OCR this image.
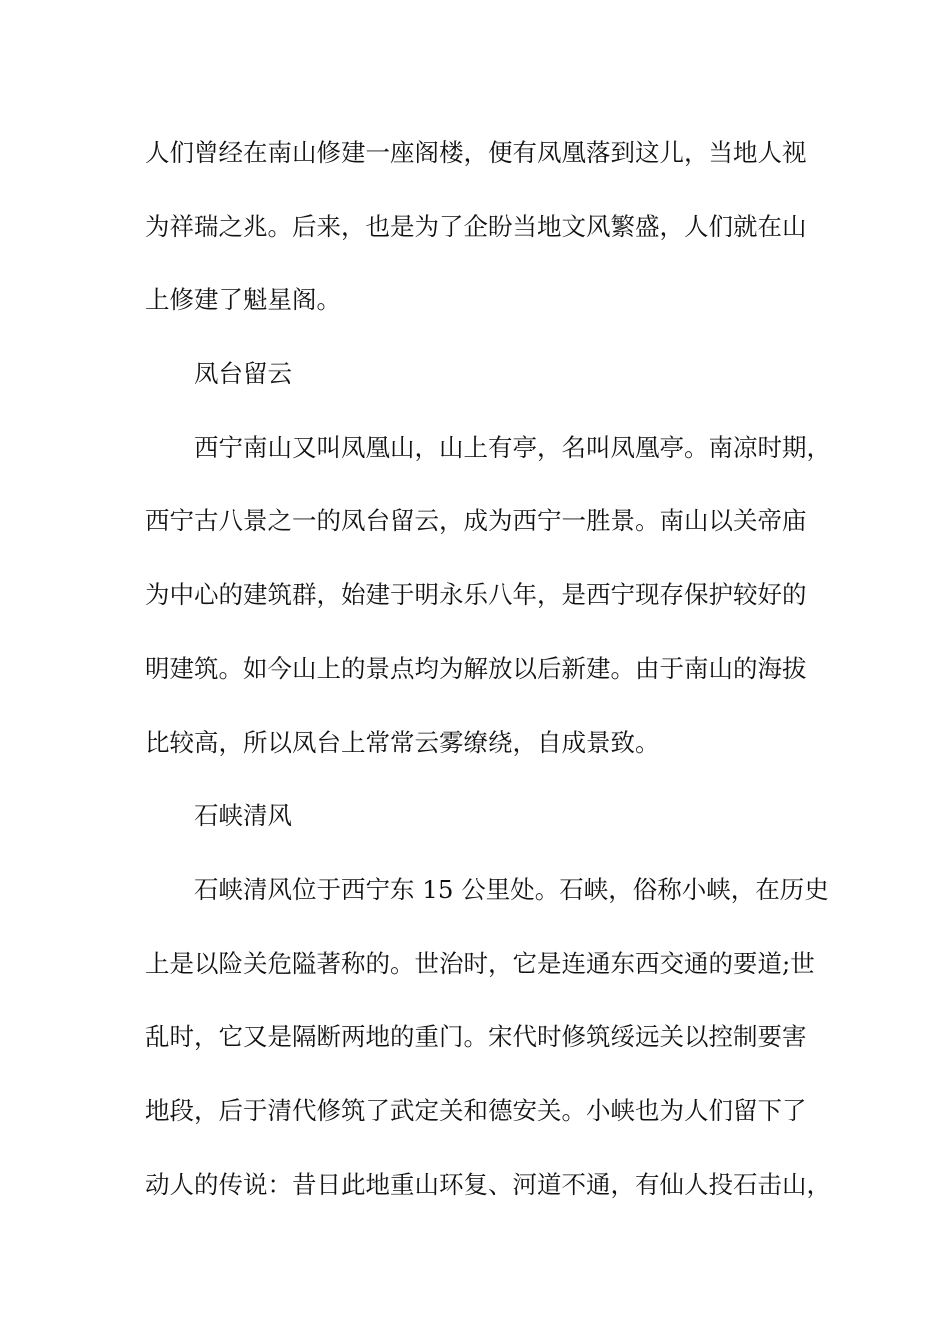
人们曾经在南山修建一座阁楼，便有凤凰落到这儿，当地人视
为祥瑞之兆。后来，也是为了企盼当地文风繁盛，人们就在山
上修建了魁星阁。
凤台留云
西宁南山又叫凤凰山，山上有亭，名叫凤凰亭。南凉时期，
西宁古八景之一的凤台留云，成为西宁一胜景。南山以关帝庙
为中心的建筑群，始建于明永乐八年，是西宁现存保护较好的
明建筑。如今山上的景点均为解放以后新建。由于南山的海拔
比较高，所以凤台上常常云雾缭绕，自成景致。
石峡清风
石峡清风位于西宁东 15 公里处。石峡，俗称小峡，在历史
上是以险关危隘著称的。世治时，它是连通东西交通的要道;世
乱时，它又是隔断两地的重门。宋代时修筑绥远关以控制要害
地段，后于清代修筑了武定关和德安关。小峡也为人们留下了
动人的传说：昔日此地重山环复、河道不通，有仙人投石击山，
